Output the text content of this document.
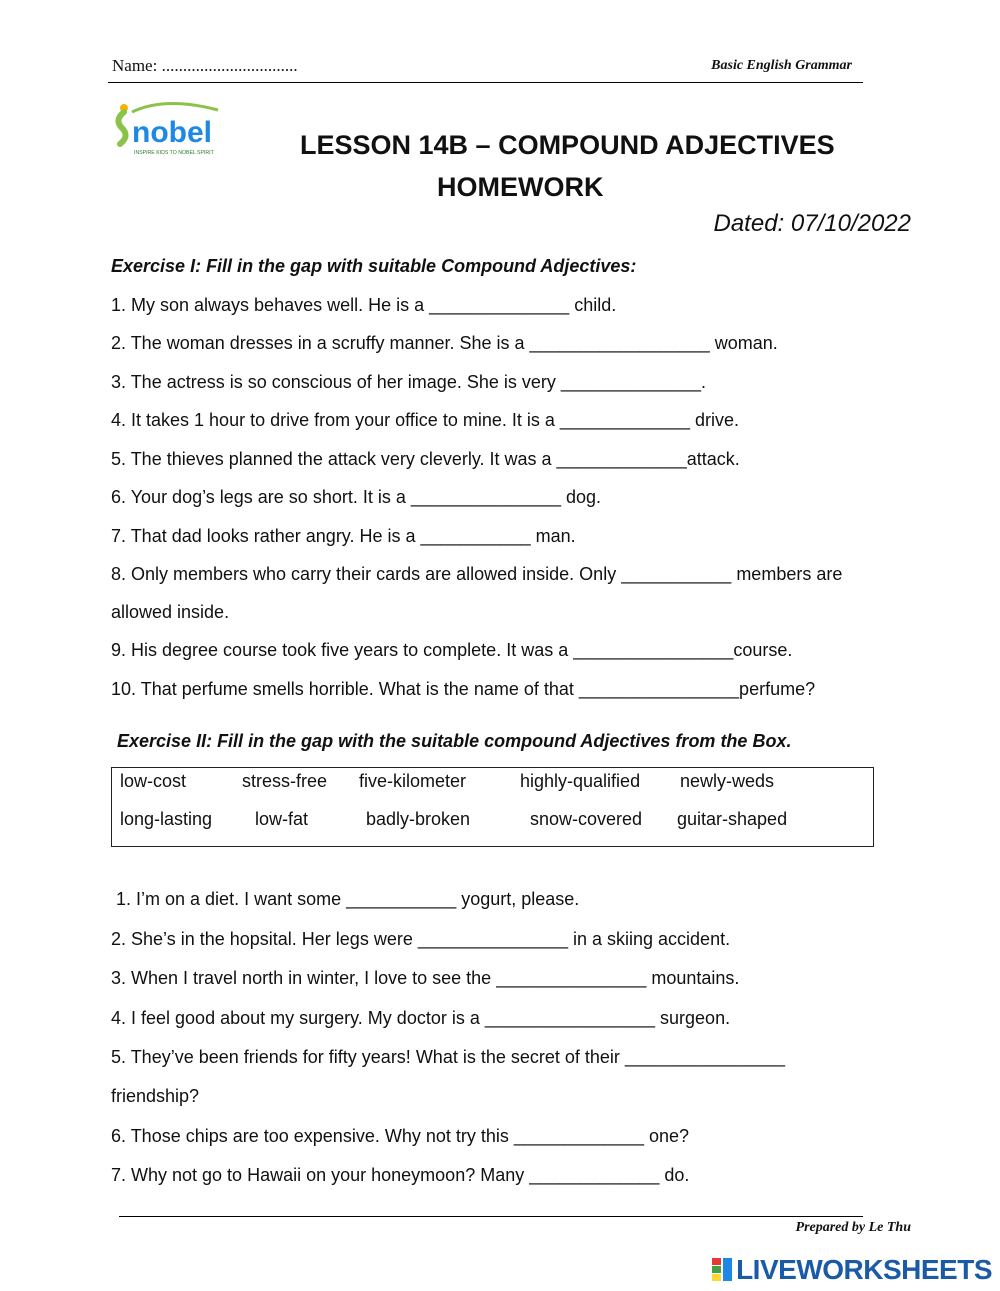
Name: ................................	Basic English Grammar
nobel
INSPIRE KIDS TO NOBEL SPIRIT	LESSON 14B – COMPOUND ADJECTIVES
HOMEWORK
Dated: 07/10/2022
Exercise I: Fill in the gap with suitable Compound Adjectives:
1. My son always behaves well. He is a ______________ child.
2. The woman dresses in a scruffy manner. She is a __________________ woman.
3. The actress is so conscious of her image. She is very ______________.
4. It takes 1 hour to drive from your office to mine. It is a _____________ drive.
5. The thieves planned the attack very cleverly. It was a _____________attack.
6. Your dog’s legs are so short. It is a _______________ dog.
7. That dad looks rather angry. He is a ___________ man.
8. Only members who carry their cards are allowed inside. Only ___________ members are
allowed inside.
9. His degree course took five years to complete. It was a ________________course.
10. That perfume smells horrible. What is the name of that ________________perfume?
Exercise II: Fill in the gap with the suitable compound Adjectives from the Box.
low-cost	stress-free five-kilometer	highly-qualified newly-weds
long-lasting low-fat	badly-broken	snow-covered guitar-shaped
1. I’m on a diet. I want some ___________ yogurt, please.
2. She’s in the hopsital. Her legs were _______________ in a skiing accident.
3. When I travel north in winter, I love to see the _______________ mountains.
4. I feel good about my surgery. My doctor is a _________________ surgeon.
5. They’ve been friends for fifty years! What is the secret of their ________________
friendship?
6. Those chips are too expensive. Why not try this _____________ one?
7. Why not go to Hawaii on your honeymoon? Many _____________ do.
Prepared by Le Thu
LIVEWORKSHEETS
